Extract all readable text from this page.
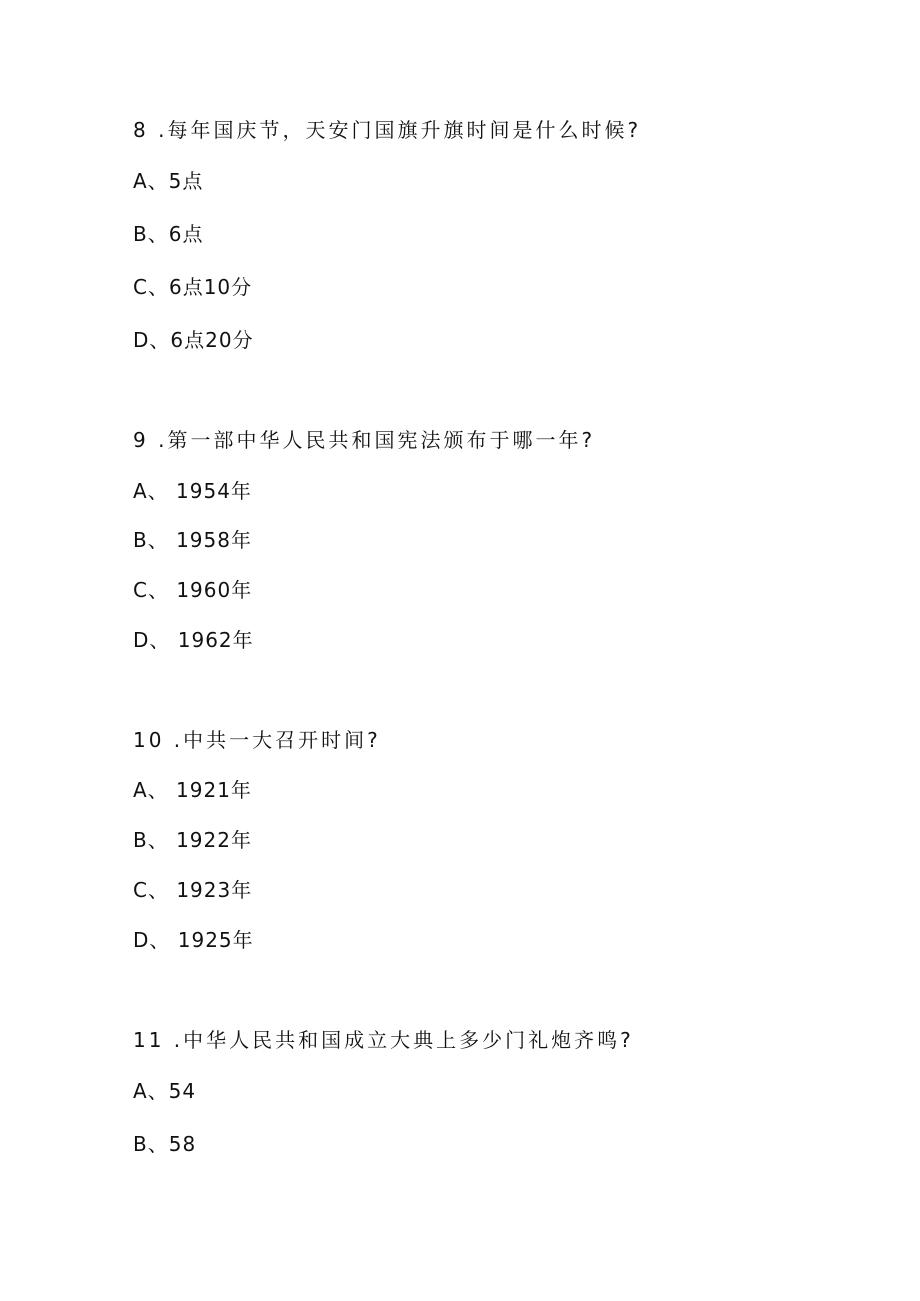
8 .每年国庆节，天安门国旗升旗时间是什么时候?
A、5点
B、6点
C、6点10分
D、6点20分
9 .第一部中华人民共和国宪法颁布于哪一年?
A、 1954年
B、 1958年
C、 1960年
D、 1962年
10 .中共一大召开时间?
A、 1921年
B、 1922年
C、 1923年
D、 1925年
11 .中华人民共和国成立大典上多少门礼炮齐鸣?
A、54
B、58
